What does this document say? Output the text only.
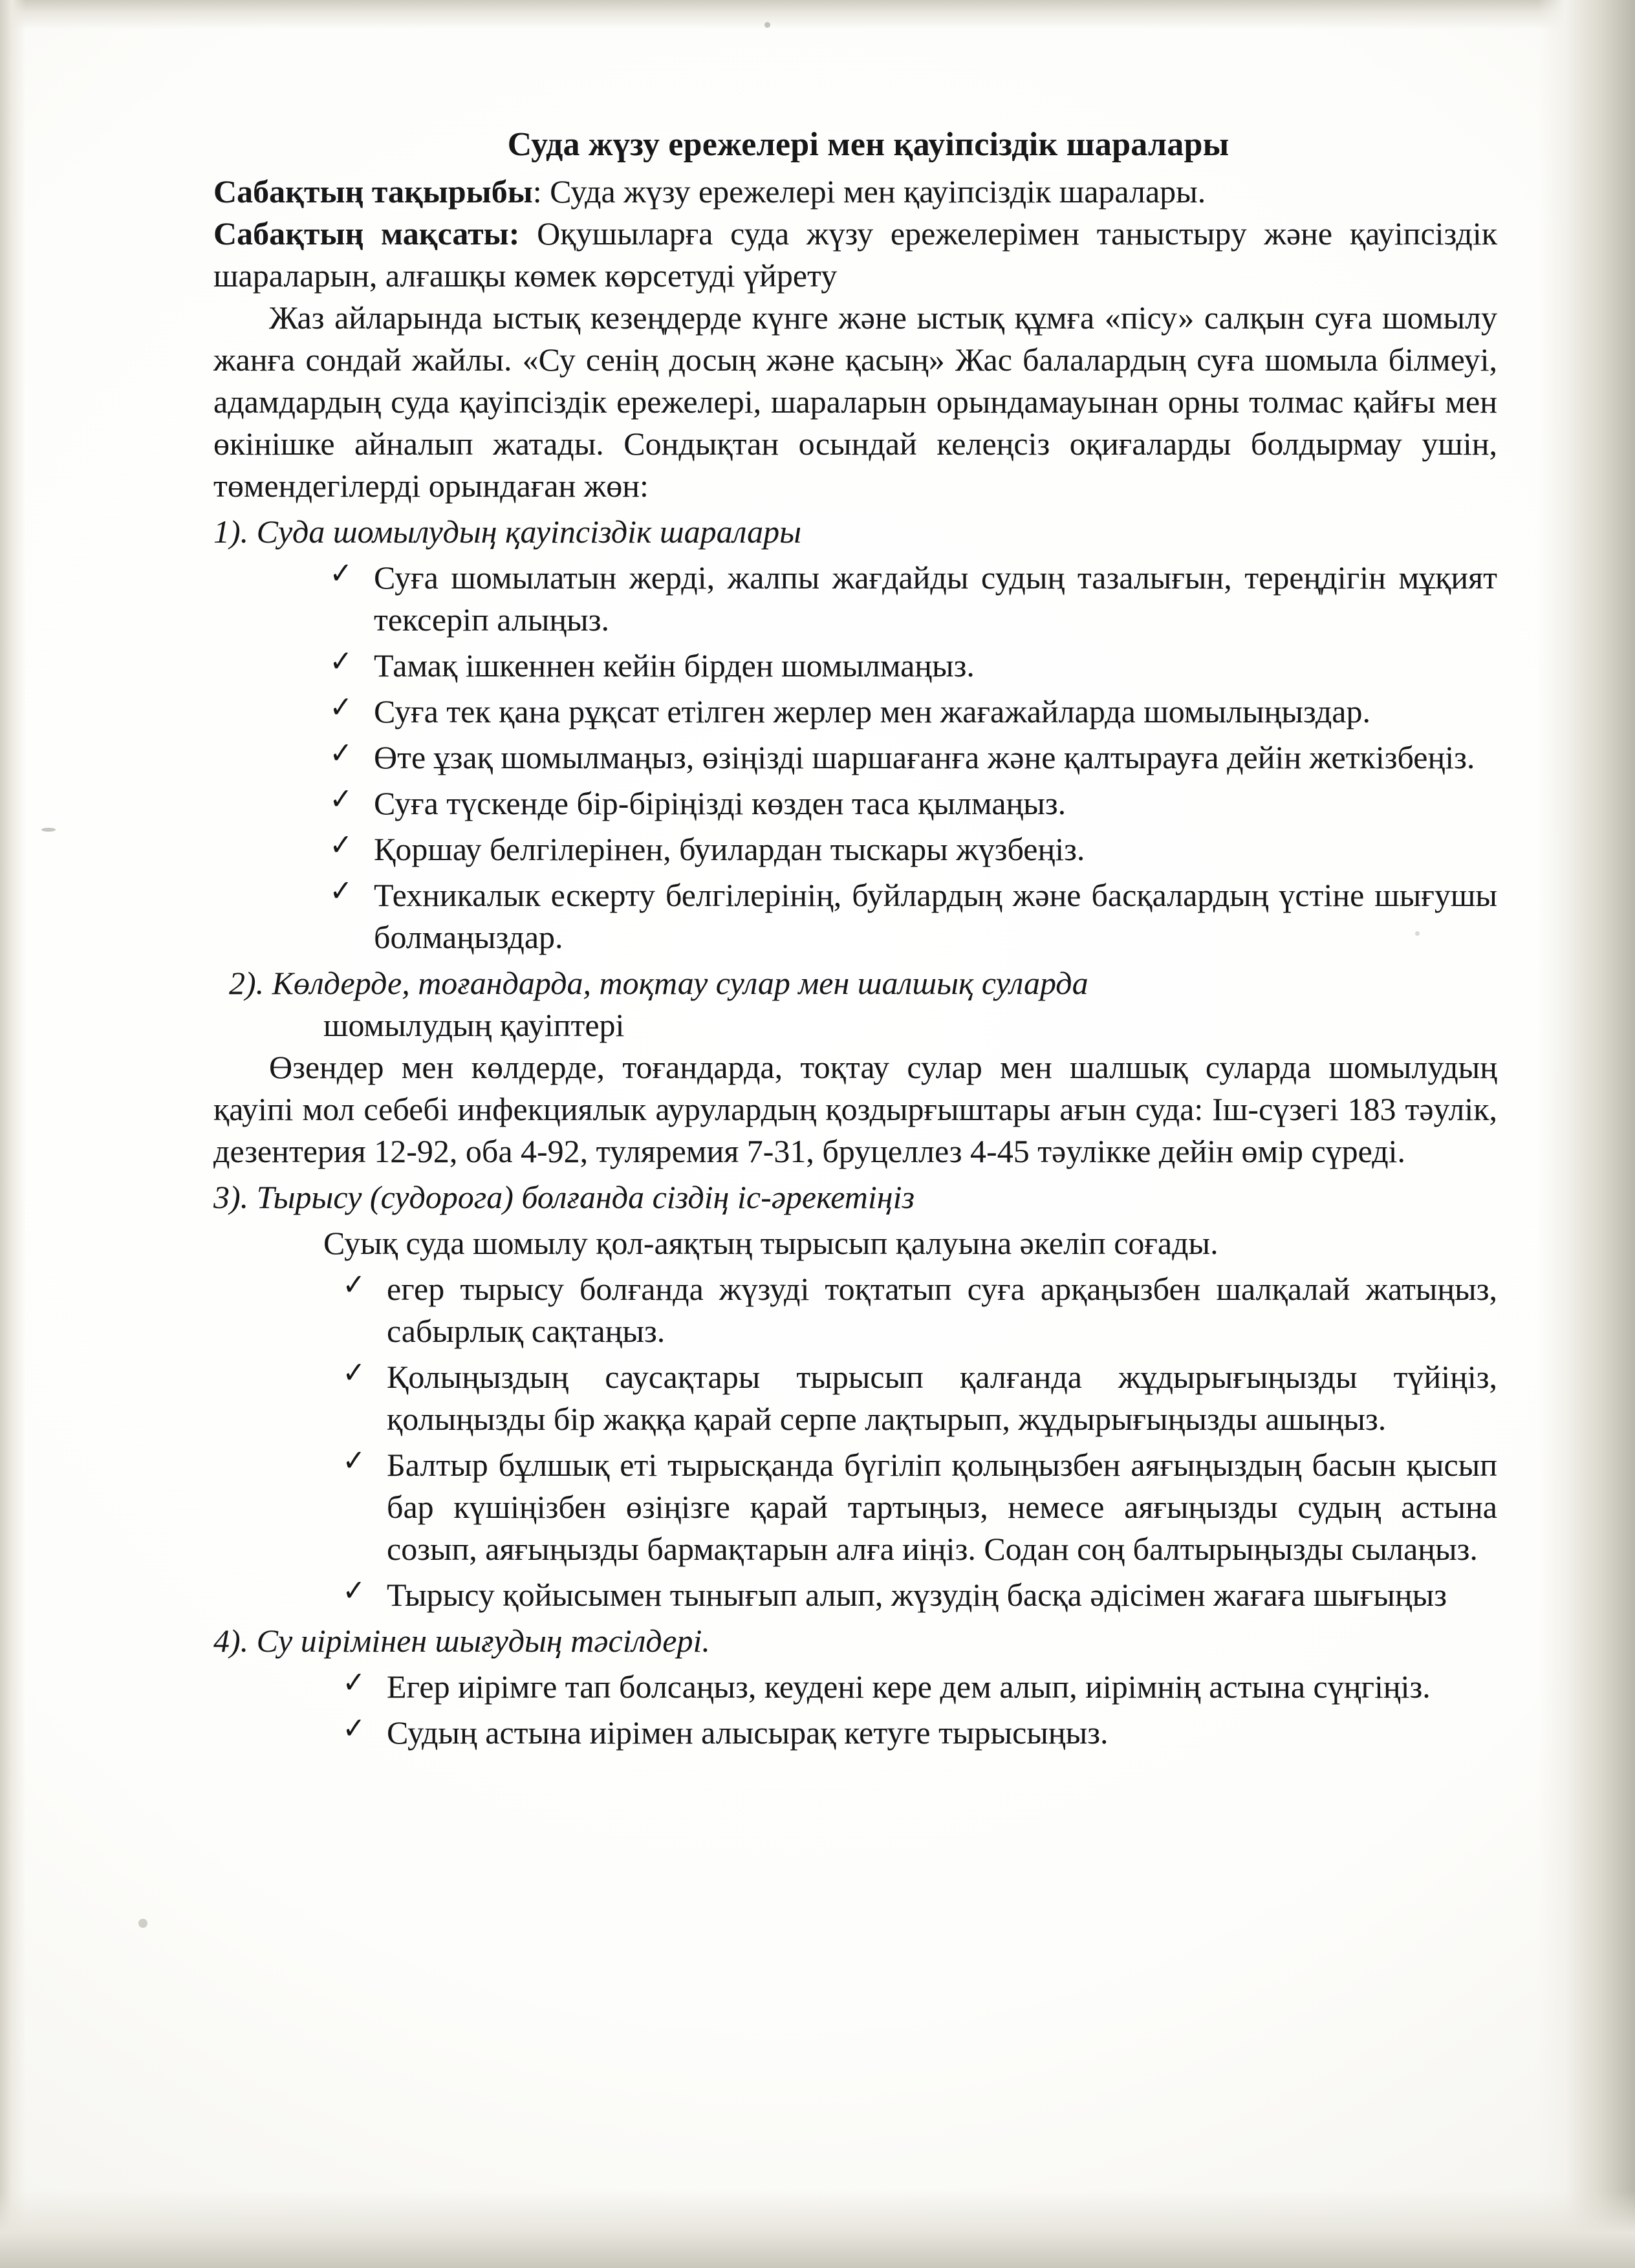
Суда жүзу ережелері мен қауіпсіздік шаралары

Сабақтың тақырыбы: Суда жүзу ережелері мен қауіпсіздік шаралары.

Сабақтың мақсаты: Оқушыларға суда жүзу ережелерімен таныстыру және қауіпсіздік шараларын, алғашқы көмек көрсетуді үйрету

Жаз айларында ыстық кезеңдерде күнге және ыстық құмға «пісу» салқын суға шомылу жанға сондай жайлы. «Су сенің досың және қасың» Жас балалардың суға шомыла білмеуі, адамдардың суда қауіпсіздік ережелері, шараларын орындамауынан орны толмас қайғы мен өкінішке айналып жатады. Сондықтан осындай келеңсіз оқиғаларды болдырмау ушін, төмендегілерді орындаған жөн:

1). Суда шомылудың қауіпсіздік шаралары

✓ Суға шомылатын жерді, жалпы жағдайды судың тазалығын, тереңдігін мұқият тексеріп алыңыз.
✓ Тамақ ішкеннен кейін бірден шомылмаңыз.
✓ Суға тек қана рұқсат етілген жерлер мен жағажайларда шомылыңыздар.
✓ Өте ұзақ шомылмаңыз, өзіңізді шаршағанға және қалтырауға дейін жеткізбеңіз.
✓ Суға түскенде бір-біріңізді көзден таса қылмаңыз.
✓ Қоршау белгілерінен, буилардан тыскары жүзбеңіз.
✓ Техникалык ескерту белгілерінің, буйлардың және басқалардың үстіне шығушы болмаңыздар.

2). Көлдерде, тоғандарда, тоқтау сулар мен шалшық суларда

шомылудың қауіптері

Өзендер мен көлдерде, тоғандарда, тоқтау сулар мен шалшық суларда шомылудың қауіпі мол себебі инфекциялык аурулардың қоздырғыштары ағын суда: Іш-сүзегі 183 тәулік, дезентерия 12-92, оба 4-92, туляремия 7-31, бруцеллез 4-45 тәулікке дейін өмір сүреді.

3). Тырысу (судорога) болғанда сіздің іс-әрекетіңіз

Суық суда шомылу қол-аяқтың тырысып қалуына әкеліп соғады.

✓ егер тырысу болғанда жүзуді тоқтатып суға арқаңызбен шалқалай жатыңыз, сабырлық сақтаңыз.
✓ Қолыңыздың саусақтары тырысып қалғанда жұдырығыңызды түйіңіз, қолыңызды бір жаққа қарай серпе лақтырып, жұдырығыңызды ашыңыз.
✓ Балтыр бұлшық еті тырысқанда бүгіліп қолыңызбен аяғыңыздың басын қысып бар күшіңізбен өзіңізге қарай тартыңыз, немесе аяғыңызды судың астына созып, аяғыңызды бармақтарын алға иіңіз. Содан соң балтырыңызды сылаңыз.
✓ Тырысу қойысымен тынығып алып, жүзудің басқа әдісімен жағаға шығыңыз

4). Су иірімінен шығудың тәсілдері.

✓ Егер иірімге тап болсаңыз, кеудені кере дем алып, иірімнің астына сүңгіңіз.
✓ Судың астына иірімен алысырақ кетуге тырысыңыз.
